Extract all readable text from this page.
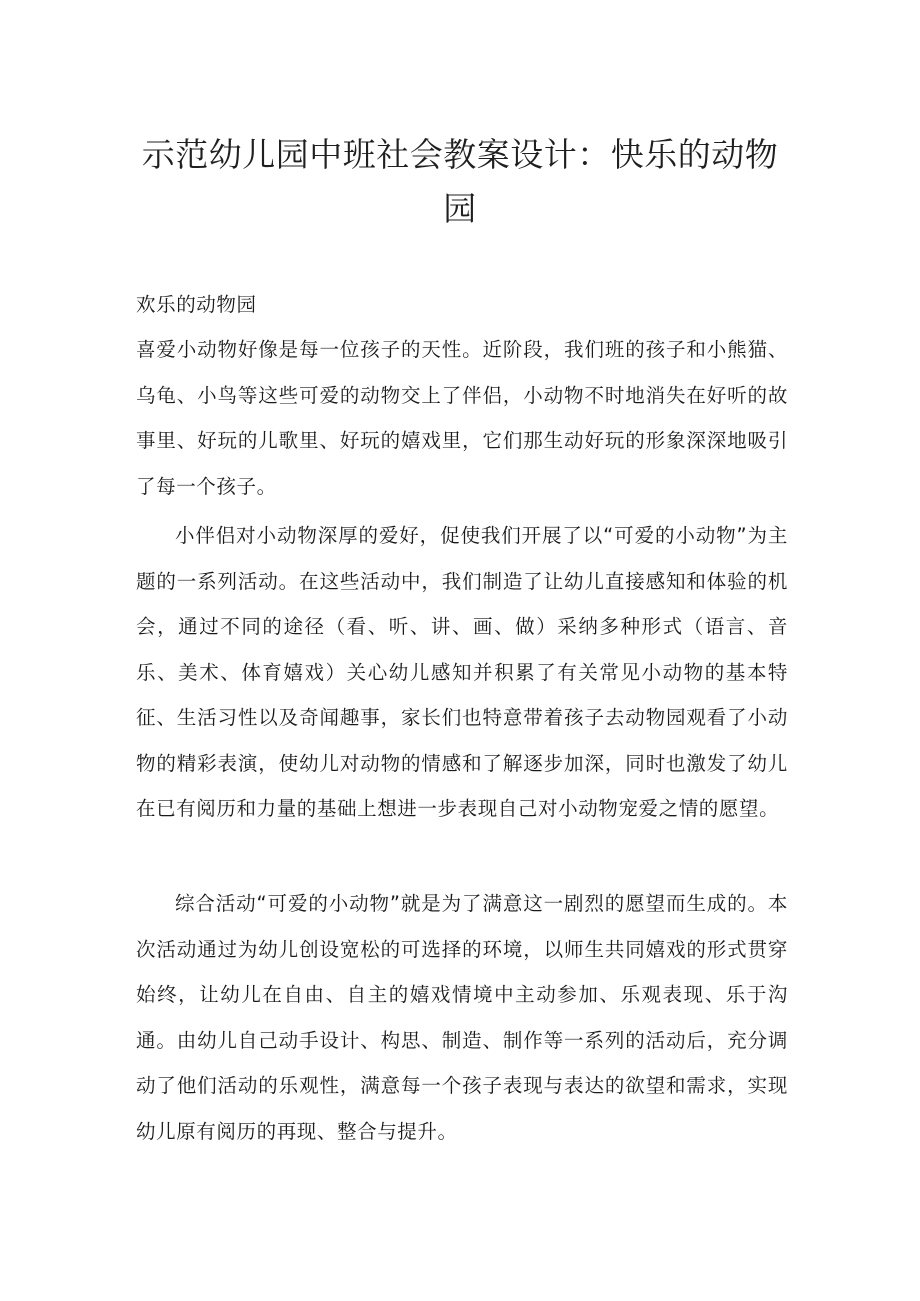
示范幼儿园中班社会教案设计：快乐的动物园

欢乐的动物园

喜爱小动物好像是每一位孩子的天性。近阶段，我们班的孩子和小熊猫、乌龟、小鸟等这些可爱的动物交上了伴侣，小动物不时地消失在好听的故事里、好玩的儿歌里、好玩的嬉戏里，它们那生动好玩的形象深深地吸引了每一个孩子。

小伴侣对小动物深厚的爱好，促使我们开展了以“可爱的小动物”为主题的一系列活动。在这些活动中，我们制造了让幼儿直接感知和体验的机会，通过不同的途径（看、听、讲、画、做）采纳多种形式（语言、音乐、美术、体育嬉戏）关心幼儿感知并积累了有关常见小动物的基本特征、生活习性以及奇闻趣事，家长们也特意带着孩子去动物园观看了小动物的精彩表演，使幼儿对动物的情感和了解逐步加深，同时也激发了幼儿在已有阅历和力量的基础上想进一步表现自己对小动物宠爱之情的愿望。

综合活动“可爱的小动物”就是为了满意这一剧烈的愿望而生成的。本次活动通过为幼儿创设宽松的可选择的环境，以师生共同嬉戏的形式贯穿始终，让幼儿在自由、自主的嬉戏情境中主动参加、乐观表现、乐于沟通。由幼儿自己动手设计、构思、制造、制作等一系列的活动后，充分调动了他们活动的乐观性，满意每一个孩子表现与表达的欲望和需求，实现幼儿原有阅历的再现、整合与提升。
